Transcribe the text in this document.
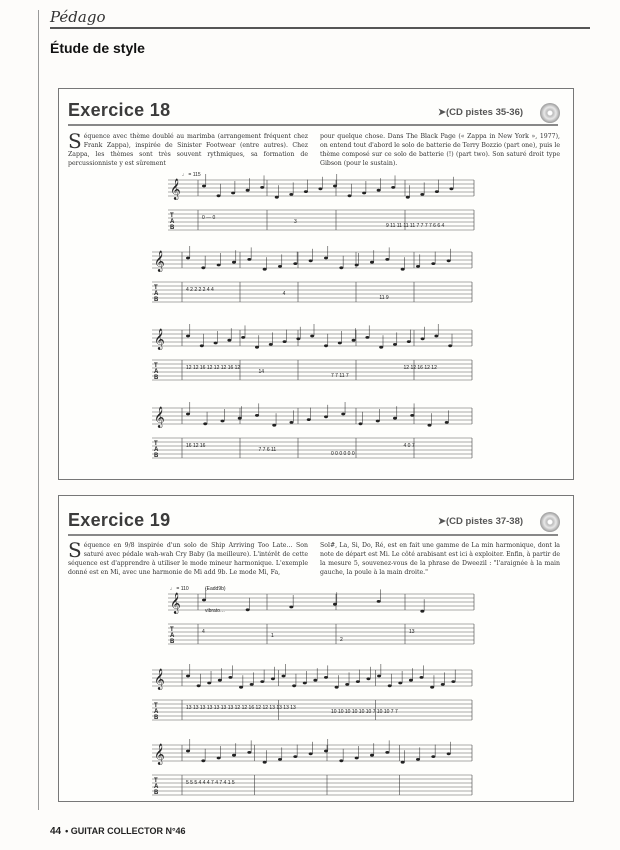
Pédago
Étude de style
Exercice 18	➤(CD pistes 35-36)
Séquence avec thème doublé au marimba (arrangement fréquent chez Frank Zappa), inspirée de Sinister Footwear (entre autres). Chez Zappa, les thèmes sont très souvent rythmiques, sa formation de percussionniste y est sûrement
pour quelque chose. Dans The Black Page (« Zappa in New York », 1977), on entend tout d'abord le solo de batterie de Terry Bozzio (part one), puis le thème composé sur ce solo de batterie (!) (part two). Son saturé droit type Gibson (pour le sustain).
Exercice 19	➤(CD pistes 37-38)
Séquence en 9/8 inspirée d'un solo de Ship Arriving Too Late… Son saturé avec pédale wah-wah Cry Baby (la meilleure). L'intérêt de cette séquence est d'apprendre à utiliser le mode mineur harmonique. L'exemple donné est en Mi, avec une harmonie de Mi add 9b. Le mode Mi, Fa,
Sol#, La, Si, Do, Ré, est en fait une gamme de La min harmonique, dont la note de départ est Mi. Le côté arabisant est ici à exploiter. Enfin, à partir de la mesure 5, souvenez-vous de la phrase de Dweezil : "l'araignée à la main gauche, la poule à la main droite."
♩ = 115
𝄞
T
A
B
0 — 0
3
9 11 11 11 11 7 7 7 7 6 6 4
𝄞
T
A
B
4 2 2 2 2 4 4
4
11 9
𝄞
T
A
B
12 12 16 12 12 12 16 12
14
7 7 11 7
12 12 16 12 12
𝄞
T
A
B
16 12 16
7 7 6 11
0 0 0 0 0 0
4 0 7
♩ = 110	(Eadd9b)
vibrato…
𝄞
T
A
B
4
1
2
13
𝄞
T
A
B
13 13 13 13 13 13 13 12 12 16 12 12 13 13 13 13
10 10 10 10 10 10 7 10 10 7 7
𝄞
T
A
B
5 5 5 4 4 4 7 4 7 4 1 5
44 • GUITAR COLLECTOR N°46
